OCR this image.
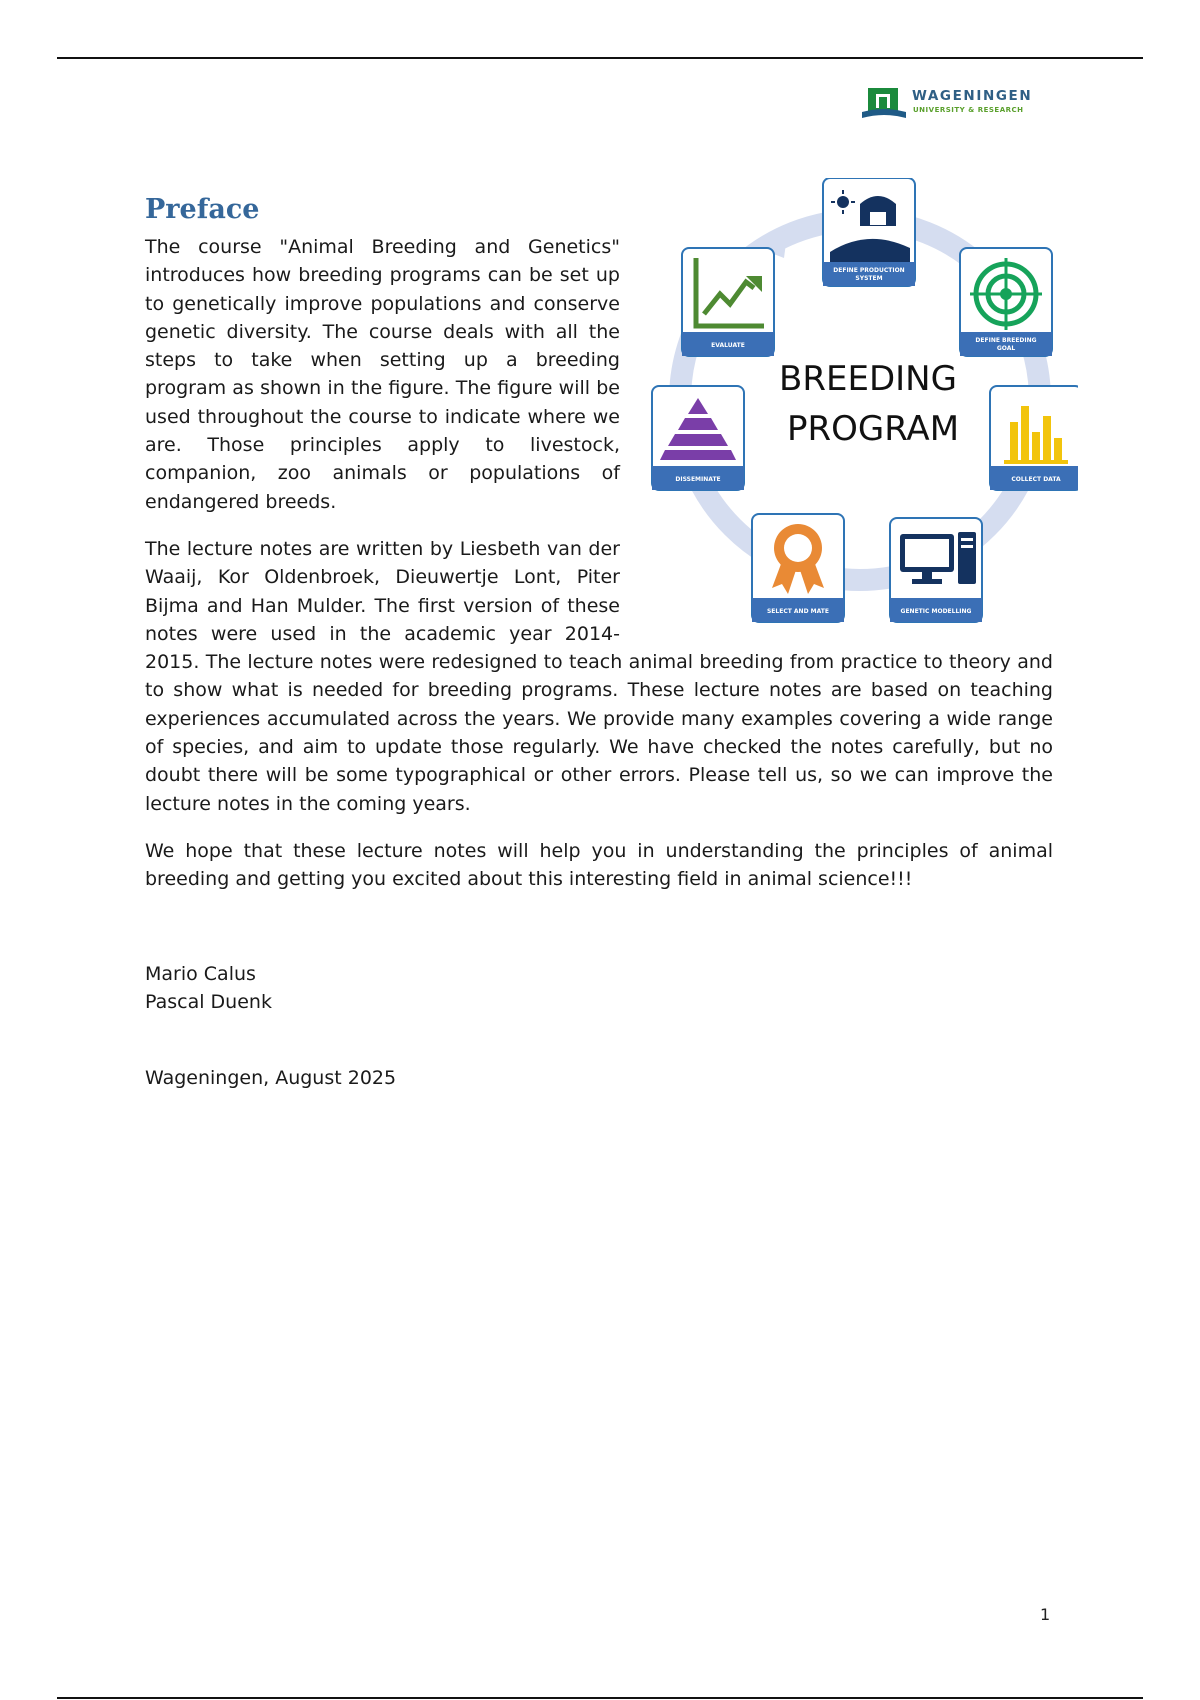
WAGENINGEN
UNIVERSITY & RESEARCH
Preface
BREEDING
PROGRAM
DEFINE PRODUCTION
SYSTEM
DEFINE BREEDING
GOAL
COLLECT DATA
GENETIC MODELLING
SELECT AND MATE
DISSEMINATE
EVALUATE

The course "Animal Breeding and Genetics" introduces how breeding programs can be set up to genetically improve populations and conserve genetic diversity. The course deals with all the steps to take when setting up a breeding program as shown in the figure. The figure will be used throughout the course to indicate where we are. Those principles apply to livestock, companion, zoo animals or populations of endangered breeds.

The lecture notes are written by Liesbeth van der Waaij, Kor Oldenbroek, Dieuwertje Lont, Piter Bijma and Han Mulder. The first version of these notes were used in the academic year 2014-2015. The lecture notes were redesigned to teach animal breeding from practice to theory and to show what is needed for breeding programs. These lecture notes are based on teaching experiences accumulated across the years. We provide many examples covering a wide range of species, and aim to update those regularly. We have checked the notes carefully, but no doubt there will be some typographical or other errors. Please tell us, so we can improve the lecture notes in the coming years.

We hope that these lecture notes will help you in understanding the principles of animal breeding and getting you excited about this interesting field in animal science!!!

Mario Calus
Pascal Duenk
Wageningen, August 2025
1
